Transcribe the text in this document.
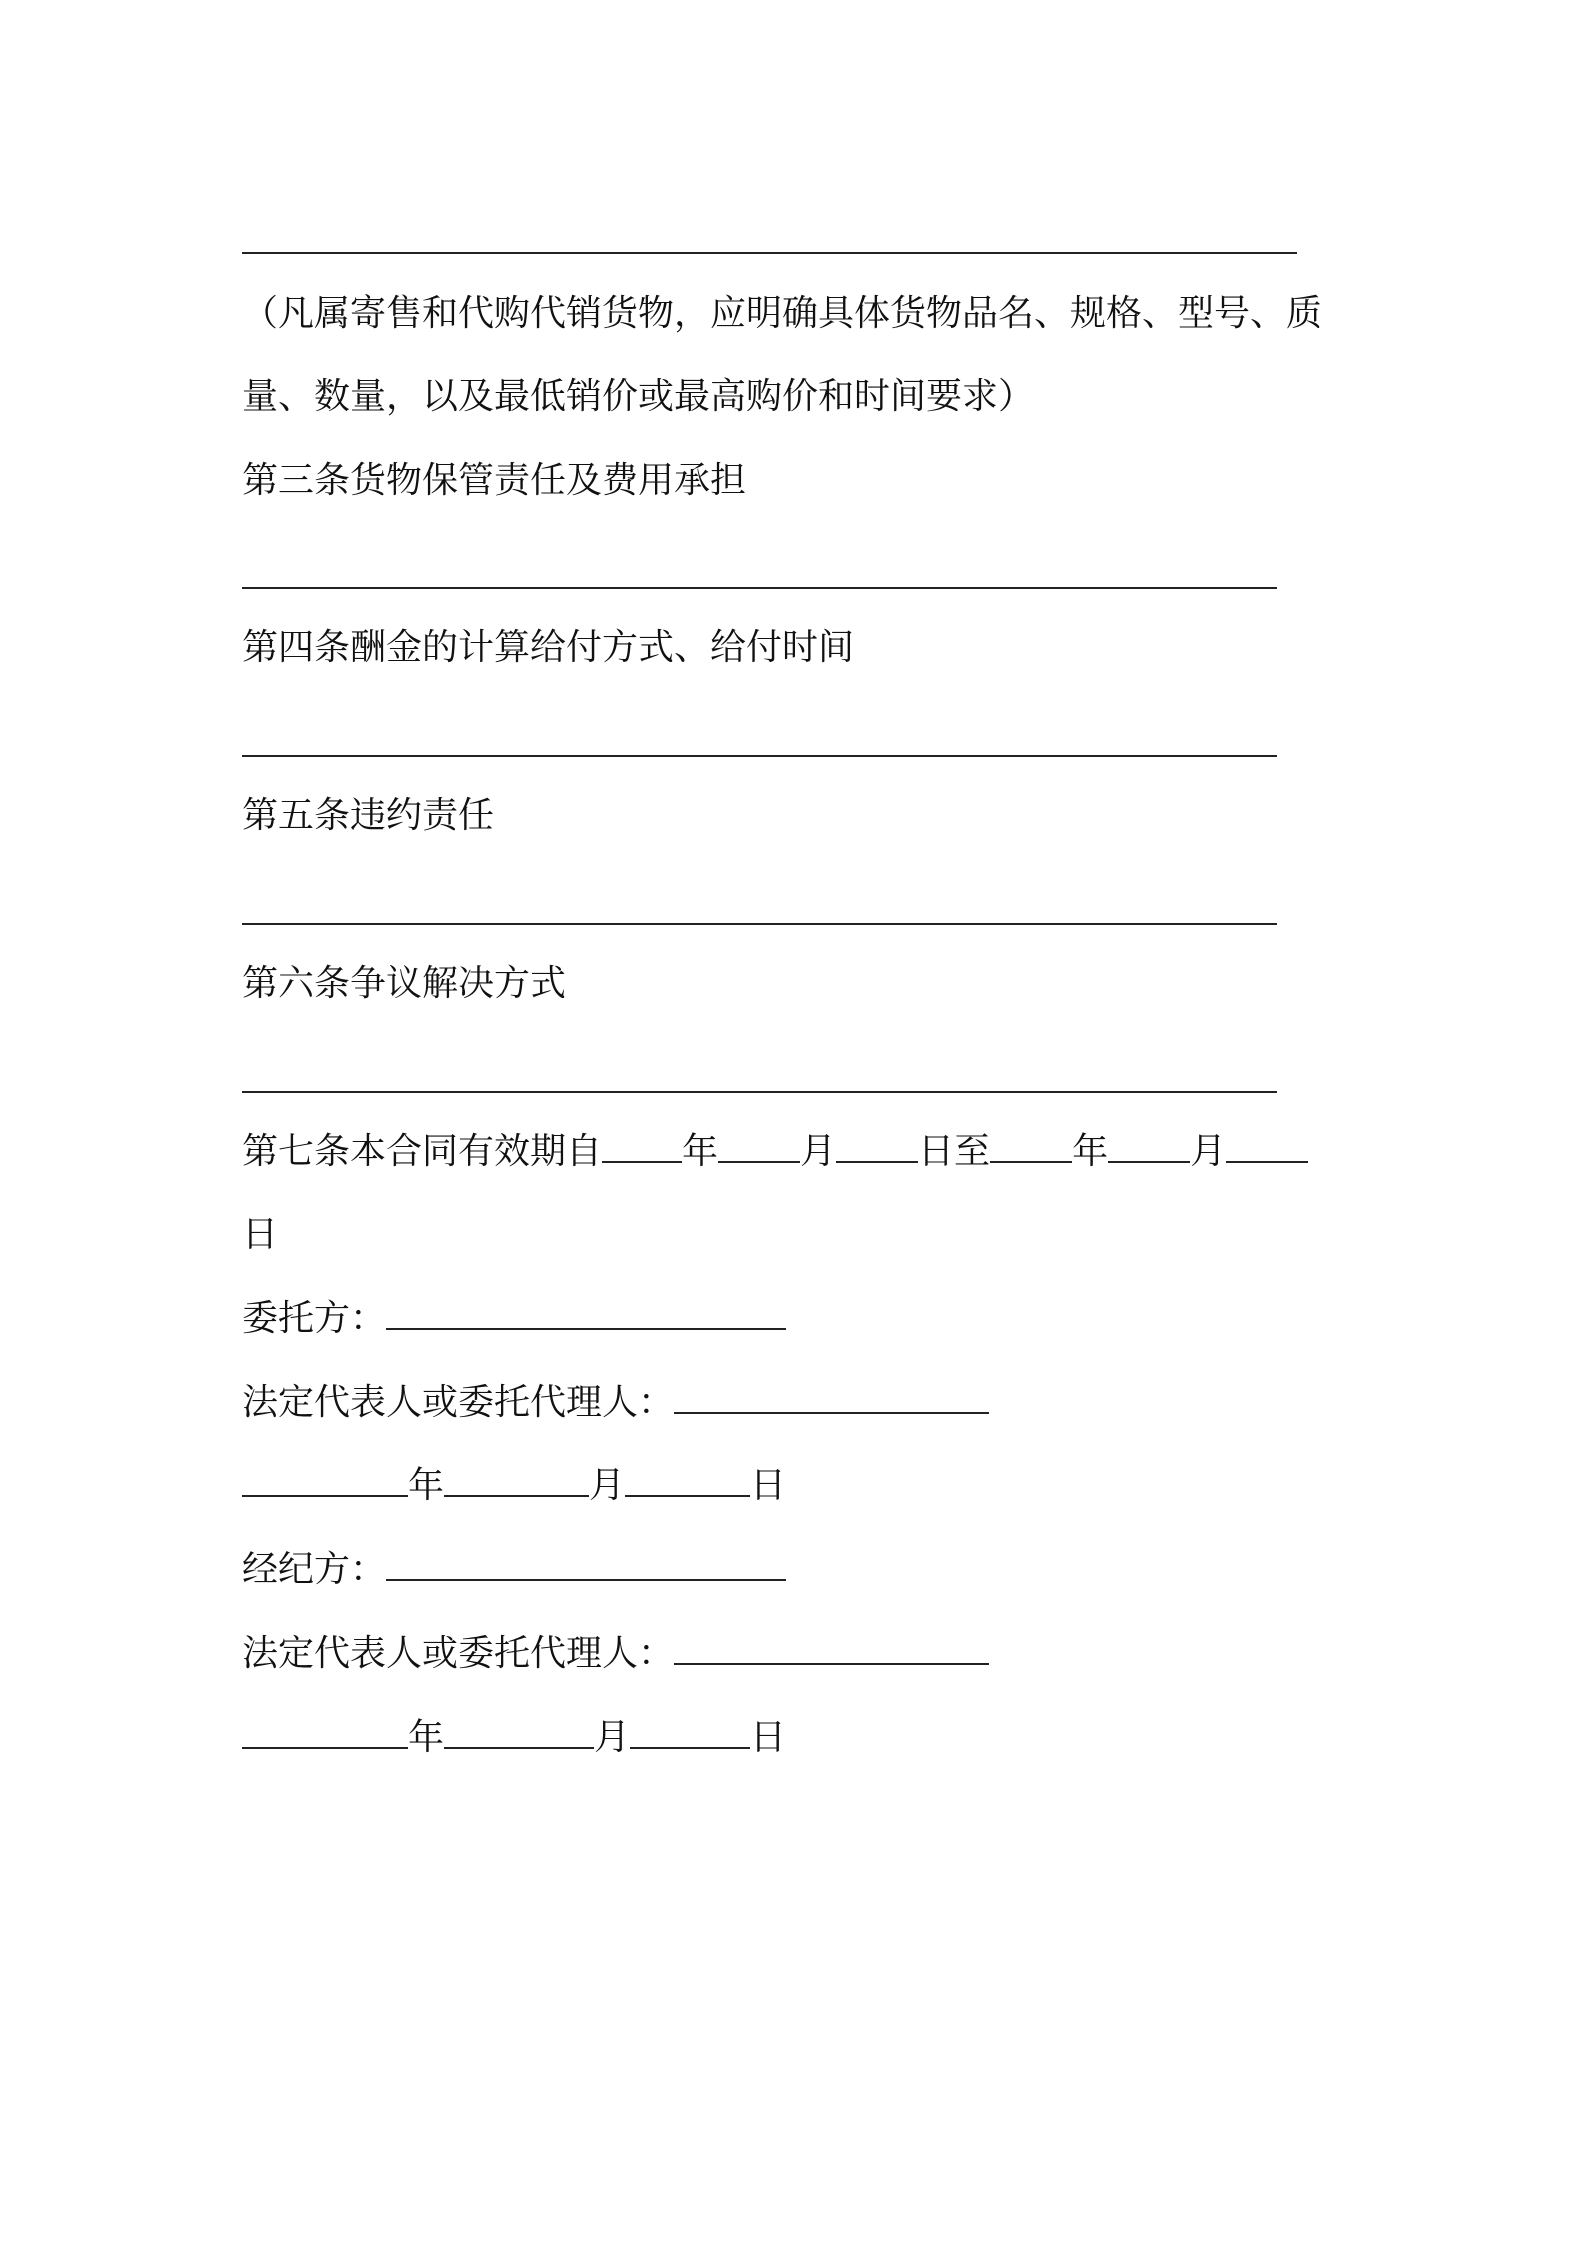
（凡属寄售和代购代销货物，应明确具体货物品名、规格、型号、质

量、数量，以及最低销价或最高购价和时间要求）

第三条货物保管责任及费用承担

第四条酬金的计算给付方式、给付时间

第五条违约责任

第六条争议解决方式

第七条本合同有效期自 年 月 日至 年 月

日

委托方：

法定代表人或委托代理人：

年	月	日

经纪方：

法定代表人或委托代理人：

年	月	日
